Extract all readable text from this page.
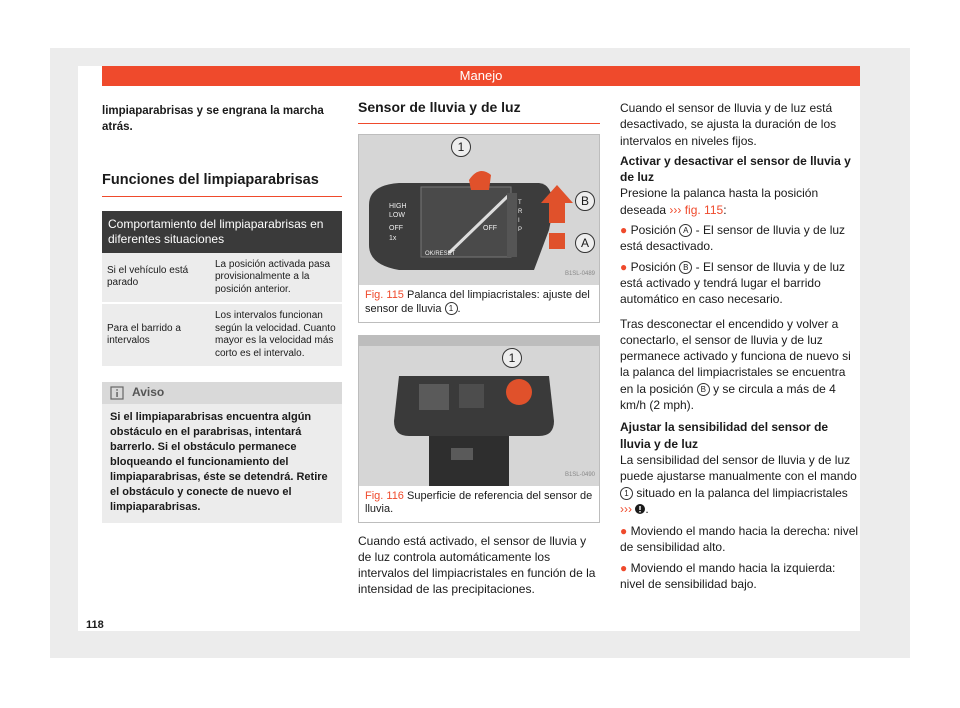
Manejo

limpiaparabrisas y se engrana la marcha atrás.

Funciones del limpiaparabrisas
Comportamiento del limpiaparabrisas en diferentes situaciones
Si el vehículo está parado	La posición activada pasa provisionalmente a la posición anterior.
Para el barrido a intervalos	Los intervalos funcionan según la velocidad. Cuanto mayor es la velocidad más corto es el intervalo.
Aviso
Si el limpiaparabrisas encuentra algún obstáculo en el parabrisas, intentará barrerlo. Si el obstáculo permanece bloqueando el funcionamiento del limpiaparabrisas, éste se detendrá. Retire el obstáculo y conecte de nuevo el limpiaparabrisas.
Sensor de lluvia y de luz
HIGH
LOW
OFF
1x
OFF
OK/RESET
T R I P
1
B
A
B1SL-0489
Fig. 115 Palanca del limpiacristales: ajuste del sensor de lluvia 1 .
1
B1SL-0490
Fig. 116 Superficie de referencia del sensor de lluvia.

Cuando está activado, el sensor de lluvia y de luz controla automáticamente los intervalos del limpiacristales en función de la intensidad de las precipitaciones.

Cuando el sensor de lluvia y de luz está desactivado, se ajusta la duración de los intervalos en niveles fijos.

Activar y desactivar el sensor de lluvia y de luz

Presione la palanca hasta la posición deseada ››› fig. 115:

● Posición A - El sensor de lluvia y de luz está desactivado.

● Posición B - El sensor de lluvia y de luz está activado y tendrá lugar el barrido automático en caso necesario.

Tras desconectar el encendido y volver a conectarlo, el sensor de lluvia y de luz permanece activado y funciona de nuevo si la palanca del limpiacristales se encuentra en la posición B y se circula a más de 4 km/h (2 mph).

Ajustar la sensibilidad del sensor de lluvia y de luz

La sensibilidad del sensor de lluvia y de luz puede ajustarse manualmente con el mando 1 situado en la palanca del limpiacristales ››› .

● Moviendo el mando hacia la derecha: nivel de sensibilidad alto.

● Moviendo el mando hacia la izquierda: nivel de sensibilidad bajo.

118
